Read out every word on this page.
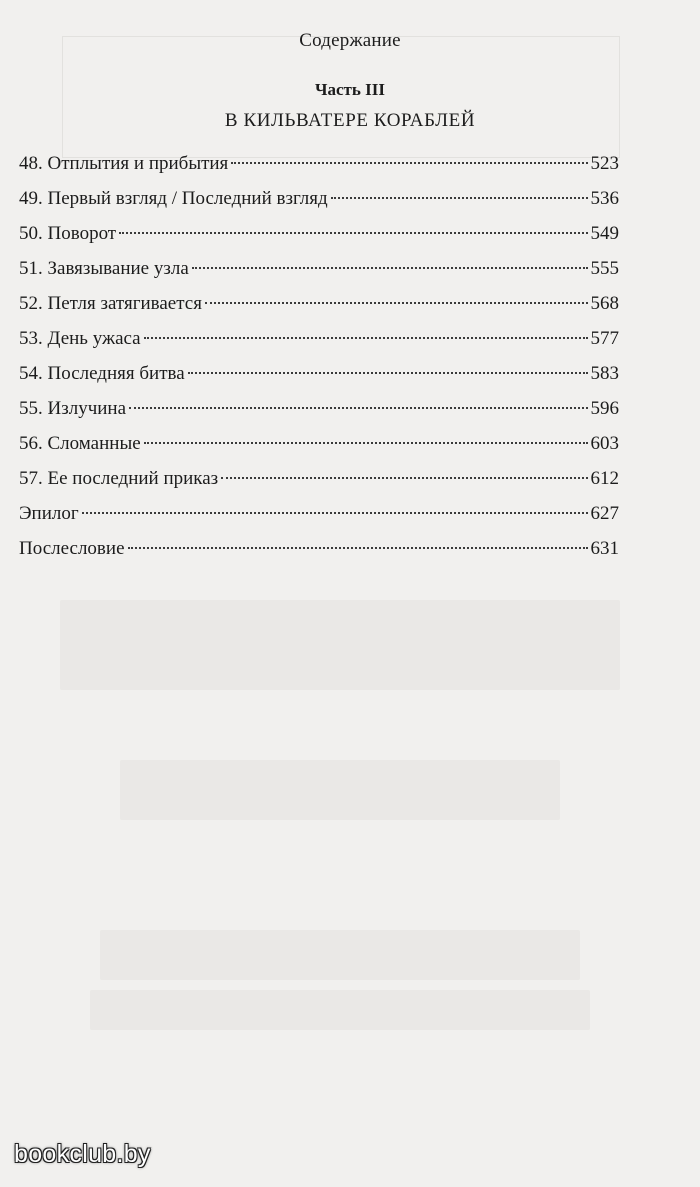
Содержание
Часть III
В КИЛЬВАТЕРЕ КОРАБЛЕЙ
48. Отплытия и прибытия	523
49. Первый взгляд / Последний взгляд	536
50. Поворот	549
51. Завязывание узла	555
52. Петля затягивается	568
53. День ужаса	577
54. Последняя битва	583
55. Излучина	596
56. Сломанные	603
57. Ее последний приказ	612
Эпилог	627
Послесловие	631
bookclub.by
